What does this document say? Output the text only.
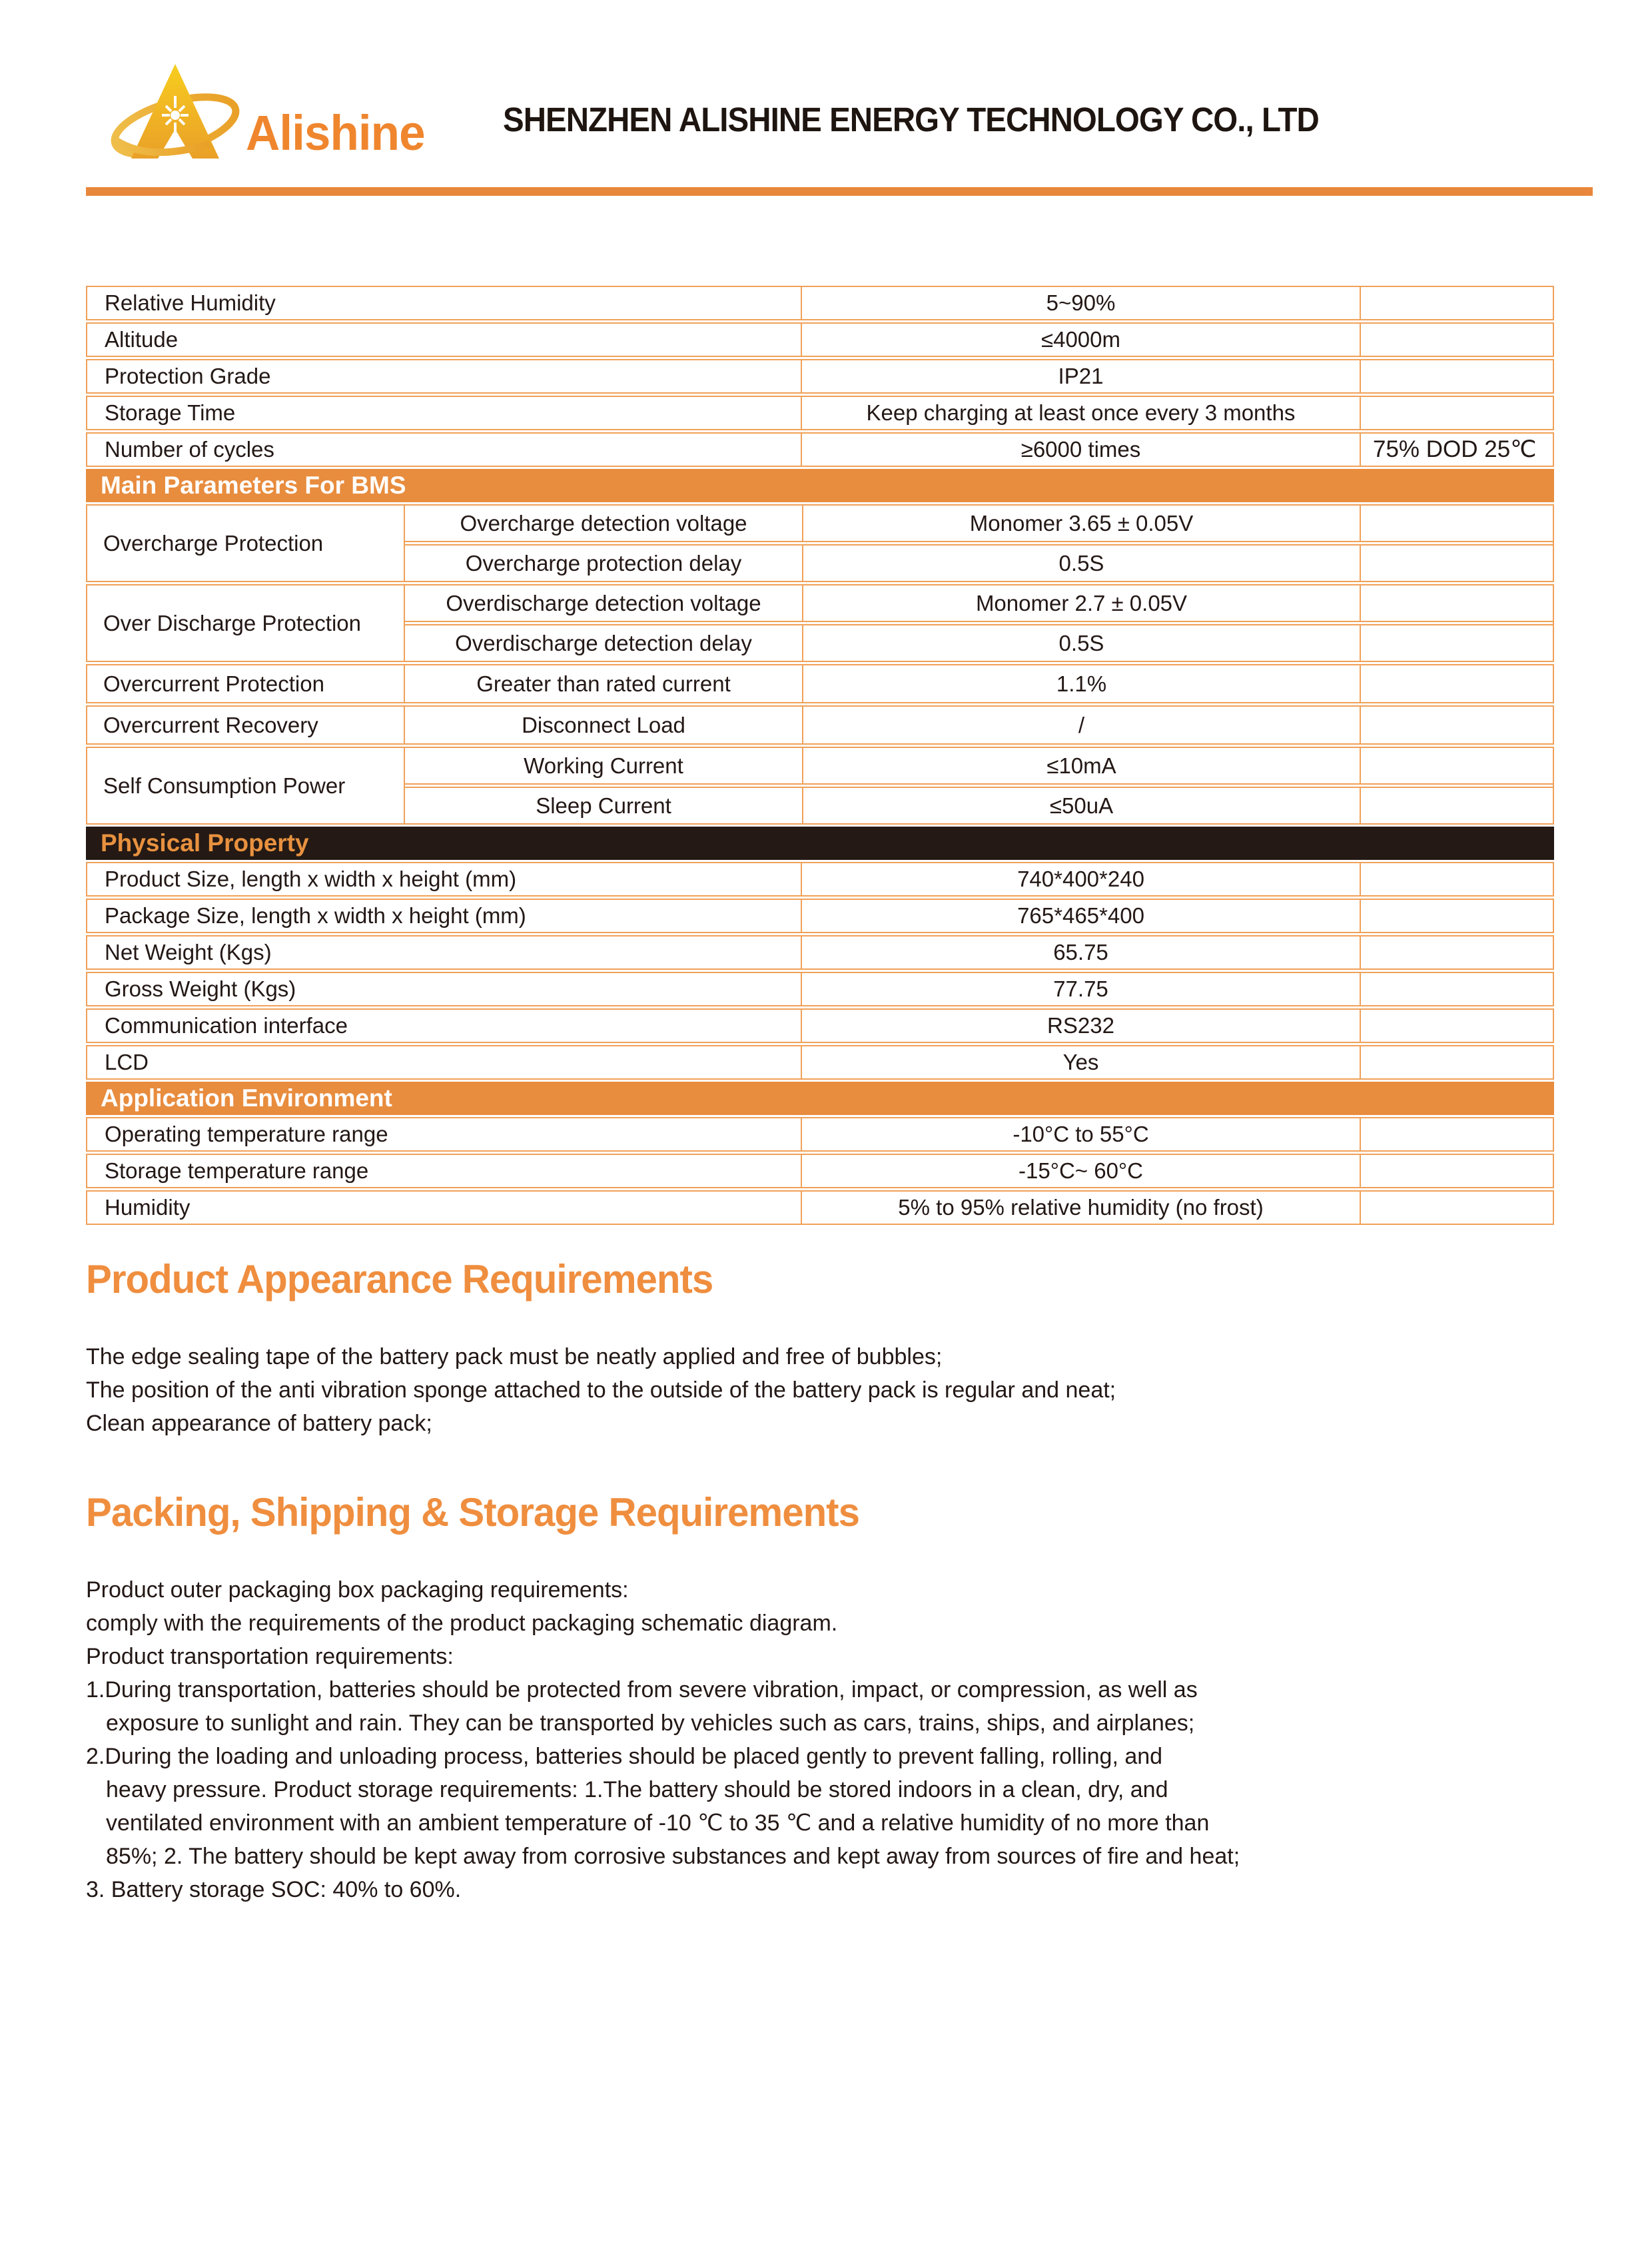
Alishine SHENZHEN ALISHINE ENERGY TECHNOLOGY CO., LTD
Relative Humidity	5~90%
Altitude	≤4000m
Protection Grade	IP21
Storage Time	Keep charging at least once every 3 months
Number of cycles	≥6000 times	75% DOD 25℃
Main Parameters For BMS
Overcharge Protection
Overcharge detection voltage	Monomer 3.65 ± 0.05V
Overcharge protection delay	0.5S
Over Discharge Protection
Overdischarge detection voltage	Monomer 2.7 ± 0.05V
Overdischarge detection delay	0.5S
Overcurrent Protection	Greater than rated current	1.1%
Overcurrent Recovery	Disconnect Load	/
Self Consumption Power
Working Current	≤10mA
Sleep Current	≤50uA
Physical Property
Product Size, length x width x height (mm)	740*400*240
Package Size, length x width x height (mm)	765*465*400
Net Weight (Kgs)	65.75
Gross Weight (Kgs)	77.75
Communication interface	RS232
LCD	Yes
Application Environment
Operating temperature range	-10°C to 55°C
Storage temperature range	-15°C~ 60°C
Humidity	5% to 95% relative humidity (no frost)
Product Appearance Requirements
The edge sealing tape of the battery pack must be neatly applied and free of bubbles;
The position of the anti vibration sponge attached to the outside of the battery pack is regular and neat;
Clean appearance of battery pack;
Packing, Shipping & Storage Requirements
Product outer packaging box packaging requirements:
comply with the requirements of the product packaging schematic diagram.
Product transportation requirements:
1.During transportation, batteries should be protected from severe vibration, impact, or compression, as well as
exposure to sunlight and rain. They can be transported by vehicles such as cars, trains, ships, and airplanes;
2.During the loading and unloading process, batteries should be placed gently to prevent falling, rolling, and
heavy pressure. Product storage requirements: 1.The battery should be stored indoors in a clean, dry, and
ventilated environment with an ambient temperature of -10 ℃ to 35 ℃ and a relative humidity of no more than
85%; 2. The battery should be kept away from corrosive substances and kept away from sources of fire and heat;
3. Battery storage SOC: 40% to 60%.
